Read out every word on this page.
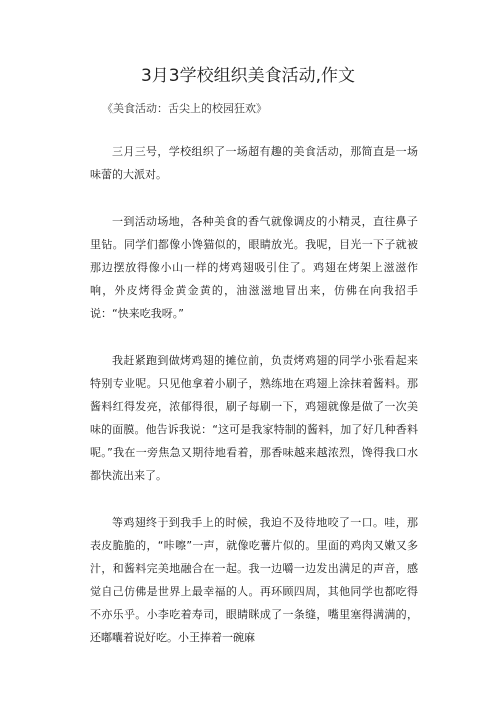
3月3学校组织美食活动,作文
《美食活动：舌尖上的校园狂欢》

三月三号，学校组织了一场超有趣的美食活动，那简直是一场味蕾的大派对。

一到活动场地，各种美食的香气就像调皮的小精灵，直往鼻子里钻。同学们都像小馋猫似的，眼睛放光。我呢，目光一下子就被那边摆放得像小山一样的烤鸡翅吸引住了。鸡翅在烤架上滋滋作响，外皮烤得金黄金黄的，油滋滋地冒出来，仿佛在向我招手说：“快来吃我呀。”

我赶紧跑到做烤鸡翅的摊位前，负责烤鸡翅的同学小张看起来特别专业呢。只见他拿着小刷子，熟练地在鸡翅上涂抹着酱料。那酱料红得发亮，浓郁得很，刷子每刷一下，鸡翅就像是做了一次美味的面膜。他告诉我说：“这可是我家特制的酱料，加了好几种香料呢。”我在一旁焦急又期待地看着，那香味越来越浓烈，馋得我口水都快流出来了。

等鸡翅终于到我手上的时候，我迫不及待地咬了一口。哇，那表皮脆脆的，“咔嚓”一声，就像吃薯片似的。里面的鸡肉又嫩又多汁，和酱料完美地融合在一起。我一边嚼一边发出满足的声音，感觉自己仿佛是世界上最幸福的人。再环顾四周，其他同学也都吃得不亦乐乎。小李吃着寿司，眼睛眯成了一条缝，嘴里塞得满满的，还嘟囔着说好吃。小王捧着一碗麻
